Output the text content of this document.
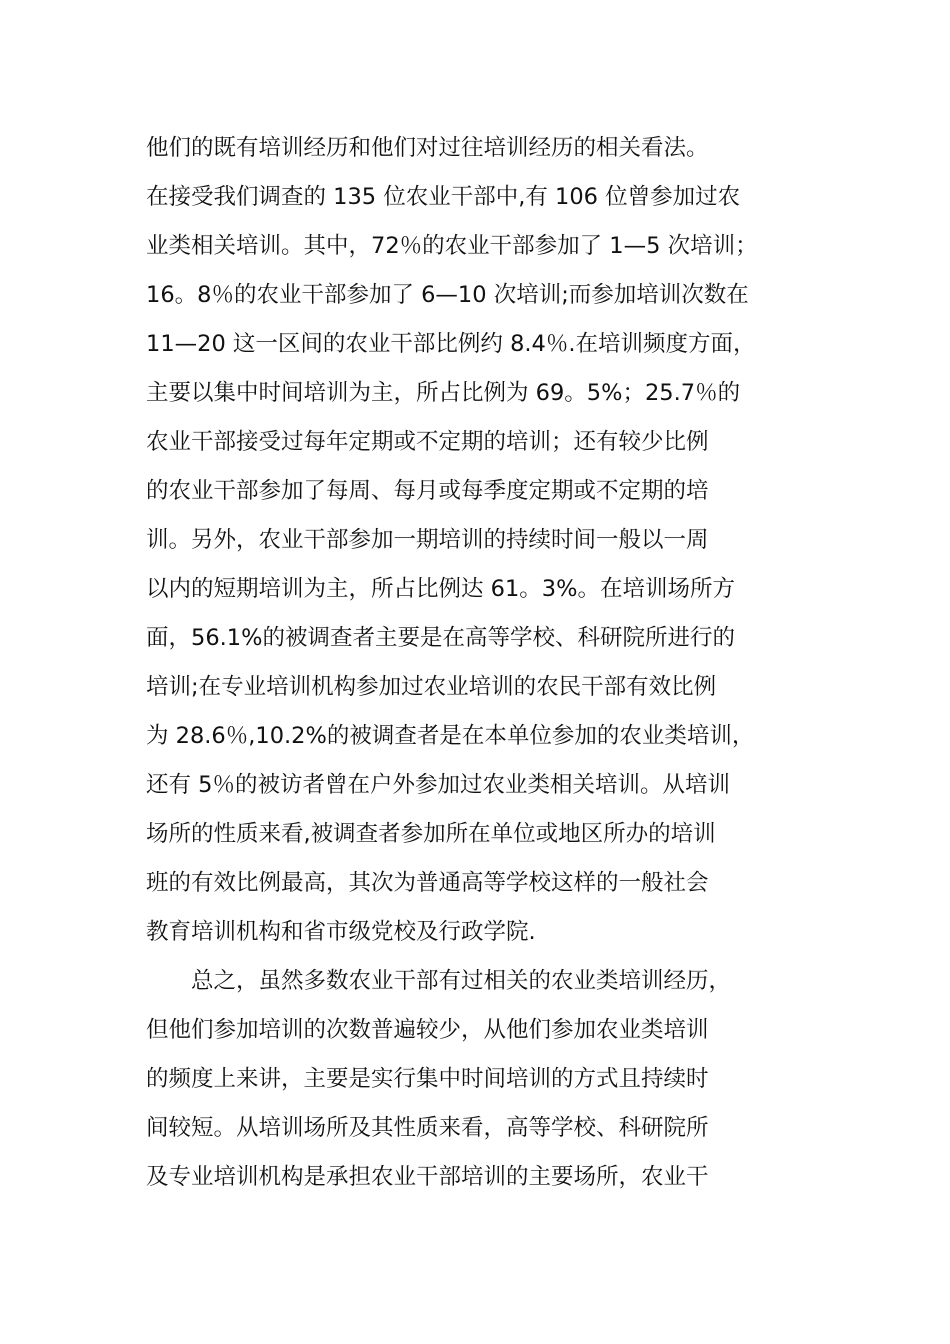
他们的既有培训经历和他们对过往培训经历的相关看法。
在接受我们调查的 135 位农业干部中,有 106 位曾参加过农
业类相关培训。其中，72％的农业干部参加了 1—5 次培训；
16。8％的农业干部参加了 6—10 次培训;而参加培训次数在
11—20 这一区间的农业干部比例约 8.4％.在培训频度方面，
主要以集中时间培训为主，所占比例为 69。5%；25.7％的
农业干部接受过每年定期或不定期的培训；还有较少比例
的农业干部参加了每周、每月或每季度定期或不定期的培
训。另外，农业干部参加一期培训的持续时间一般以一周
以内的短期培训为主，所占比例达 61。3%。在培训场所方
面，56.1%的被调查者主要是在高等学校、科研院所进行的
培训;在专业培训机构参加过农业培训的农民干部有效比例
为 28.6％,10.2%的被调查者是在本单位参加的农业类培训，
还有 5％的被访者曾在户外参加过农业类相关培训。从培训
场所的性质来看,被调查者参加所在单位或地区所办的培训
班的有效比例最高，其次为普通高等学校这样的一般社会
教育培训机构和省市级党校及行政学院.
总之，虽然多数农业干部有过相关的农业类培训经历，
但他们参加培训的次数普遍较少，从他们参加农业类培训
的频度上来讲，主要是实行集中时间培训的方式且持续时
间较短。从培训场所及其性质来看，高等学校、科研院所
及专业培训机构是承担农业干部培训的主要场所，农业干
